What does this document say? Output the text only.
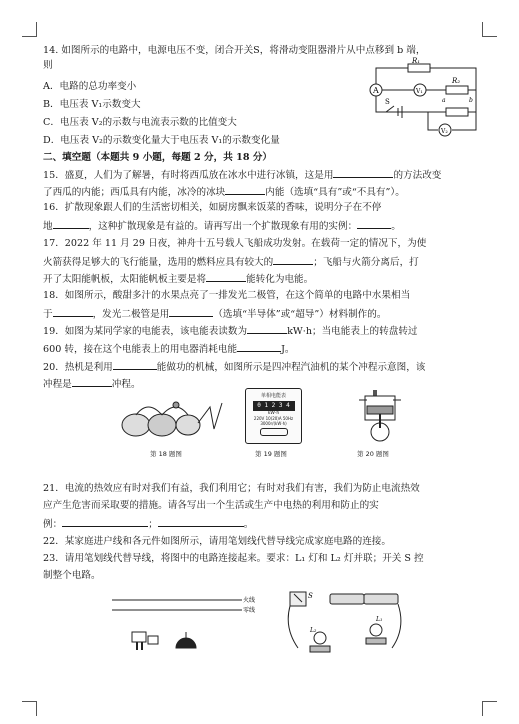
14. 如图所示的电路中，电源电压不变，闭合开关S，将滑动变阻器滑片从中点移到 b 端，
则
A．电路的总功率变小
B．电压表 V₁示数变大
C．电压表 V₂的示数与电流表示数的比值变大
D．电压表 V₂的示数变化量大于电压表 V₁的示数变化量
R₁
A	V₁
R₂
a	b
S
V₂
二、填空题（本题共 9 小题，每题 2 分，共 18 分）
15．盛夏，人们为了解暑，有时将西瓜放在冰水中进行冰镇，这是用	的方法改变
了西瓜的内能；西瓜具有内能，冰冷的冰块	内能（选填“具有”或“不具有”）。
16．扩散现象跟人们的生活密切相关，如厨房飘来饭菜的香味，说明分子在不停
地	，这种扩散现象是有益的。请再写出一个扩散现象有用的实例：	。
17．2022 年 11 月 29 日夜，神舟十五号载人飞船成功发射。在载荷一定的情况下，为使
火箭获得足够大的飞行能量，选用的燃料应具有较大的	；飞船与火箭分离后，打
开了太阳能帆板，太阳能帆板主要是将	能转化为电能。
18．如图所示，酸甜多汁的水果点亮了一排发光二极管，在这个简单的电路中水果相当
于	，发光二极管是用	（选填“半导体”或“超导”）材料制作的。
19．如图为某同学家的电能表，该电能表读数为	kW·h；当电能表上的转盘转过
600 转，接在这个电能表上的用电器消耗电能	J。
20．热机是利用	能做功的机械，如图所示是四冲程汽油机的某个冲程示意图，该
冲程是	冲程。
第 18 题图
单相电能表
0 1 2 3 4
kW·h
220V 10(20)A 50Hz
3000r/(kW·h)
第 19 题图	第 20 题图
21．电流的热效应有时对我们有益，我们利用它；有时对我们有害，我们为防止电流热效
应产生危害而采取要的措施。请各写出一个生活或生产中电热的利用和防止的实
例：	；	。
22．某家庭进户线和各元件如图所示，请用笔划线代替导线完成家庭电路的连接。
23．请用笔划线代替导线，将图中的电路连接起来。要求：L₁ 灯和 L₂ 灯并联；开关 S 控
制整个电路。
火线
零线
S
L₂
L₁
